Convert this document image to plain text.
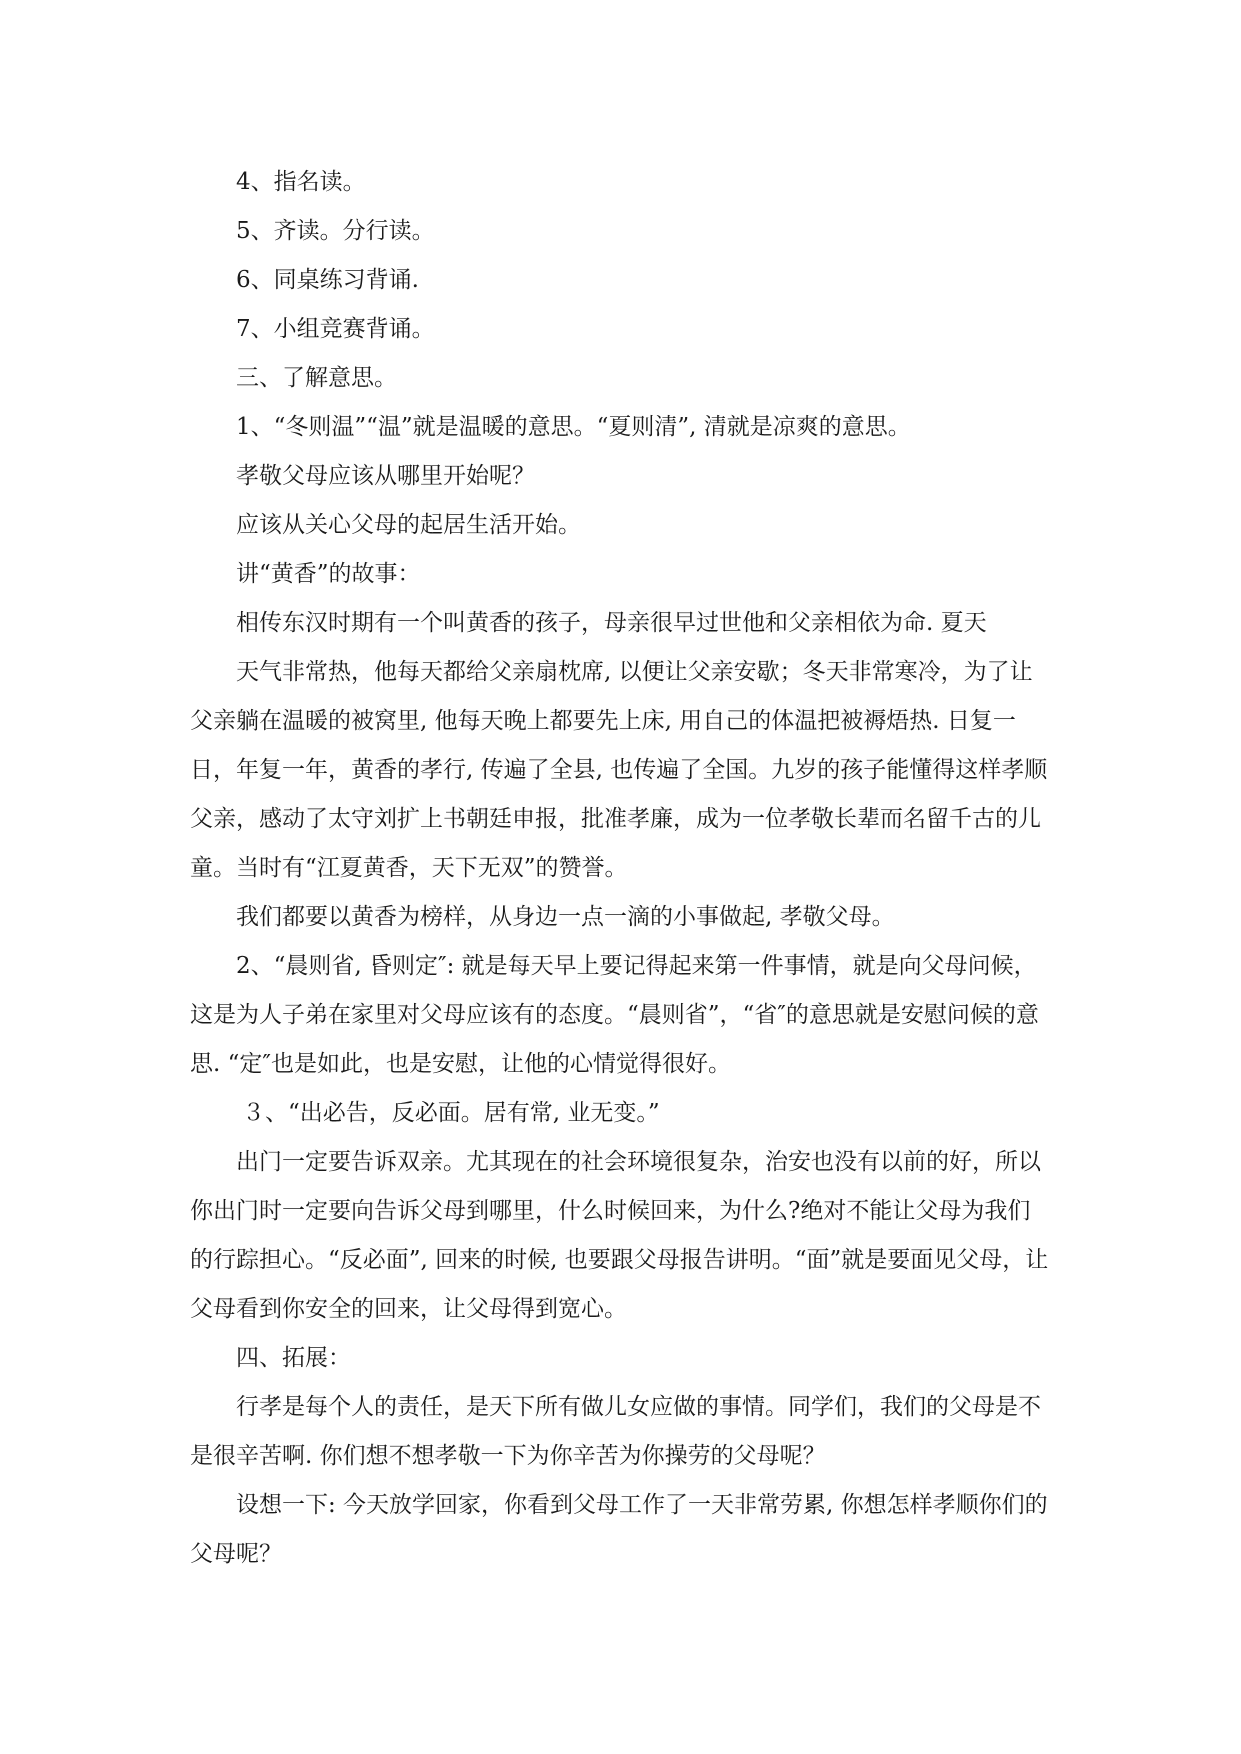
4、指名读。

5、齐读。分行读。

6、同桌练习背诵.

7、小组竞赛背诵。

三、了解意思。

1、“冬则温”“温”就是温暖的意思。“夏则清”, 清就是凉爽的意思。

孝敬父母应该从哪里开始呢？

应该从关心父母的起居生活开始。

讲“黄香”的故事：

相传东汉时期有一个叫黄香的孩子，母亲很早过世他和父亲相依为命. 夏天

天气非常热，他每天都给父亲扇枕席, 以便让父亲安歇；冬天非常寒冷，为了让父亲躺在温暖的被窝里, 他每天晚上都要先上床, 用自己的体温把被褥焐热. 日复一日，年复一年，黄香的孝行, 传遍了全县, 也传遍了全国。九岁的孩子能懂得这样孝顺父亲，感动了太守刘扩上书朝廷申报，批准孝廉，成为一位孝敬长辈而名留千古的儿童。当时有“江夏黄香，天下无双”的赞誉。

我们都要以黄香为榜样，从身边一点一滴的小事做起, 孝敬父母。

2、“晨则省, 昏则定″: 就是每天早上要记得起来第一件事情，就是向父母问候，这是为人子弟在家里对父母应该有的态度。“晨则省”，“省″的意思就是安慰问候的意思. “定″也是如此，也是安慰，让他的心情觉得很好。

３、“出必告，反必面。居有常, 业无变。”

出门一定要告诉双亲。尤其现在的社会环境很复杂，治安也没有以前的好，所以你出门时一定要向告诉父母到哪里，什么时候回来，为什么?绝对不能让父母为我们的行踪担心。“反必面”, 回来的时候, 也要跟父母报告讲明。“面”就是要面见父母，让父母看到你安全的回来，让父母得到宽心。

四、拓展：

行孝是每个人的责任，是天下所有做儿女应做的事情。同学们，我们的父母是不是很辛苦啊. 你们想不想孝敬一下为你辛苦为你操劳的父母呢？

设想一下: 今天放学回家，你看到父母工作了一天非常劳累, 你想怎样孝顺你们的父母呢？
